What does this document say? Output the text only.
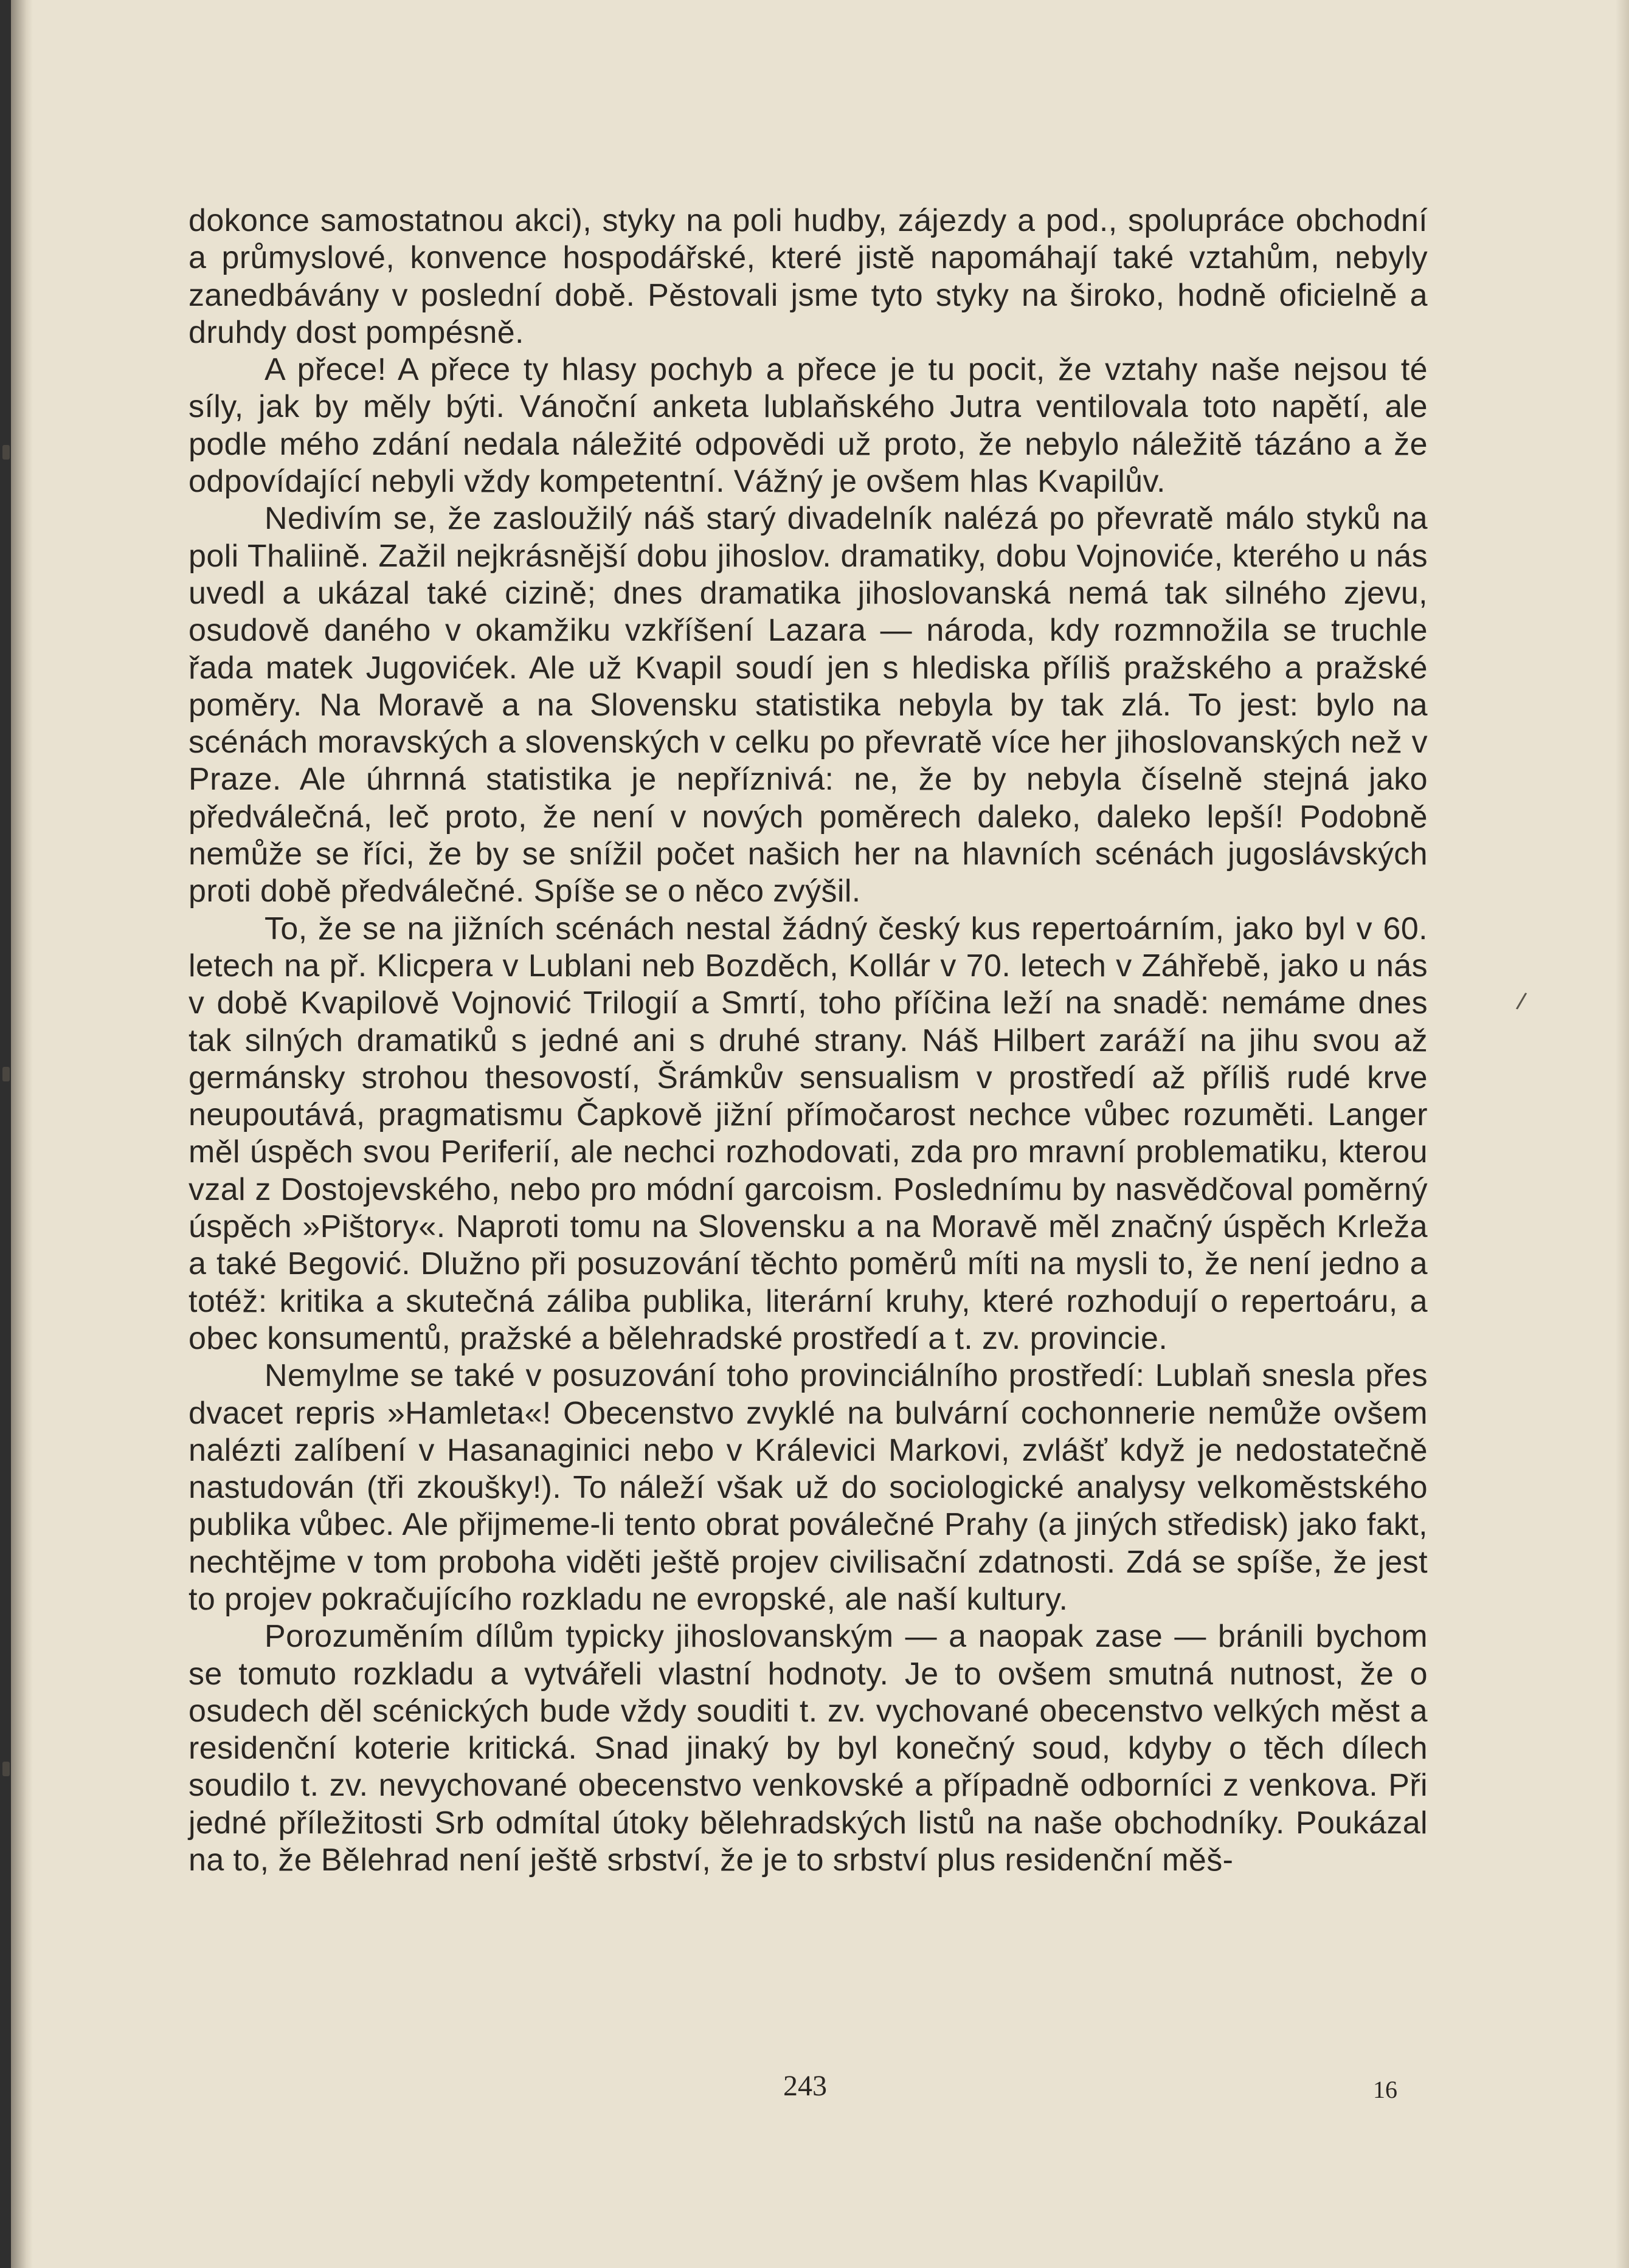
dokonce samostatnou akci), styky na poli hudby, zájezdy a pod., spolupráce obchodní a průmyslové, konvence hospodářské, které jistě napomáhají také vztahům, nebyly zanedbávány v poslední době. Pěstovali jsme tyto styky na široko, hodně oficielně a druhdy dost pompésně.

A přece! A přece ty hlasy pochyb a přece je tu pocit, že vztahy naše nejsou té síly, jak by měly býti. Vánoční anketa lublaňského Jutra ventilovala toto napětí, ale podle mého zdání nedala náležité odpovědi už proto, že nebylo náležitě tázáno a že odpovídající nebyli vždy kompetentní. Vážný je ovšem hlas Kvapilův.

Nedivím se, že zasloužilý náš starý divadelník nalézá po převratě málo styků na poli Thaliině. Zažil nejkrásnější dobu jihoslov. dramatiky, dobu Vojnoviće, kterého u nás uvedl a ukázal také cizině; dnes dramatika jihoslovanská nemá tak silného zjevu, osudově daného v okamžiku vzkříšení Lazara — národa, kdy rozmnožila se truchle řada matek Jugovićek. Ale už Kvapil soudí jen s hlediska příliš pražského a pražské poměry. Na Moravě a na Slovensku statistika nebyla by tak zlá. To jest: bylo na scénách moravských a slovenských v celku po převratě více her jihoslovanských než v Praze. Ale úhrnná statistika je nepříznivá: ne, že by nebyla číselně stejná jako předválečná, leč proto, že není v nových poměrech daleko, daleko lepší! Podobně nemůže se říci, že by se snížil počet našich her na hlavních scénách jugoslávských proti době předválečné. Spíše se o něco zvýšil.

To, že se na jižních scénách nestal žádný český kus repertoárním, jako byl v 60. letech na př. Klicpera v Lublani neb Bozděch, Kollár v 70. letech v Záhřebě, jako u nás v době Kvapilově Vojnović Trilogií a Smrtí, toho příčina leží na snadě: nemáme dnes tak silných dramatiků s jedné ani s druhé strany. Náš Hilbert zaráží na jihu svou až germánsky strohou thesovostí, Šrámkův sensualism v prostředí až příliš rudé krve neupoutává, pragmatismu Čapkově jižní přímočarost nechce vůbec rozuměti. Langer měl úspěch svou Periferií, ale nechci rozhodovati, zda pro mravní problematiku, kterou vzal z Dostojevského, nebo pro módní garcoism. Poslednímu by nasvědčoval poměrný úspěch »Pištory«. Naproti tomu na Slovensku a na Moravě měl značný úspěch Krleža a také Begović. Dlužno při posuzování těchto poměrů míti na mysli to, že není jedno a totéž: kritika a skutečná záliba publika, literární kruhy, které rozhodují o repertoáru, a obec konsumentů, pražské a bělehradské prostředí a t. zv. provincie.

Nemylme se také v posuzování toho provinciálního prostředí: Lublaň snesla přes dvacet repris »Hamleta«! Obecenstvo zvyklé na bulvární cochonnerie nemůže ovšem nalézti zalíbení v Hasanaginici nebo v Králevici Markovi, zvlášť když je nedostatečně nastudován (tři zkoušky!). To náleží však už do sociologické analysy velkoměstského publika vůbec. Ale přijmeme-li tento obrat poválečné Prahy (a jiných středisk) jako fakt, nechtějme v tom proboha viděti ještě projev civilisační zdatnosti. Zdá se spíše, že jest to projev pokračujícího rozkladu ne evropské, ale naší kultury.

Porozuměním dílům typicky jihoslovanským — a naopak zase — bránili bychom se tomuto rozkladu a vytvářeli vlastní hodnoty. Je to ovšem smutná nutnost, že o osudech děl scénických bude vždy souditi t. zv. vychované obecenstvo velkých měst a residenční koterie kritická. Snad jinaký by byl konečný soud, kdyby o těch dílech soudilo t. zv. nevychované obecenstvo venkovské a případně odborníci z venkova. Při jedné příležitosti Srb odmítal útoky bělehradských listů na naše obchodníky. Poukázal na to, že Bělehrad není ještě srbství, že je to srbství plus residenční měš-

/
243	16
